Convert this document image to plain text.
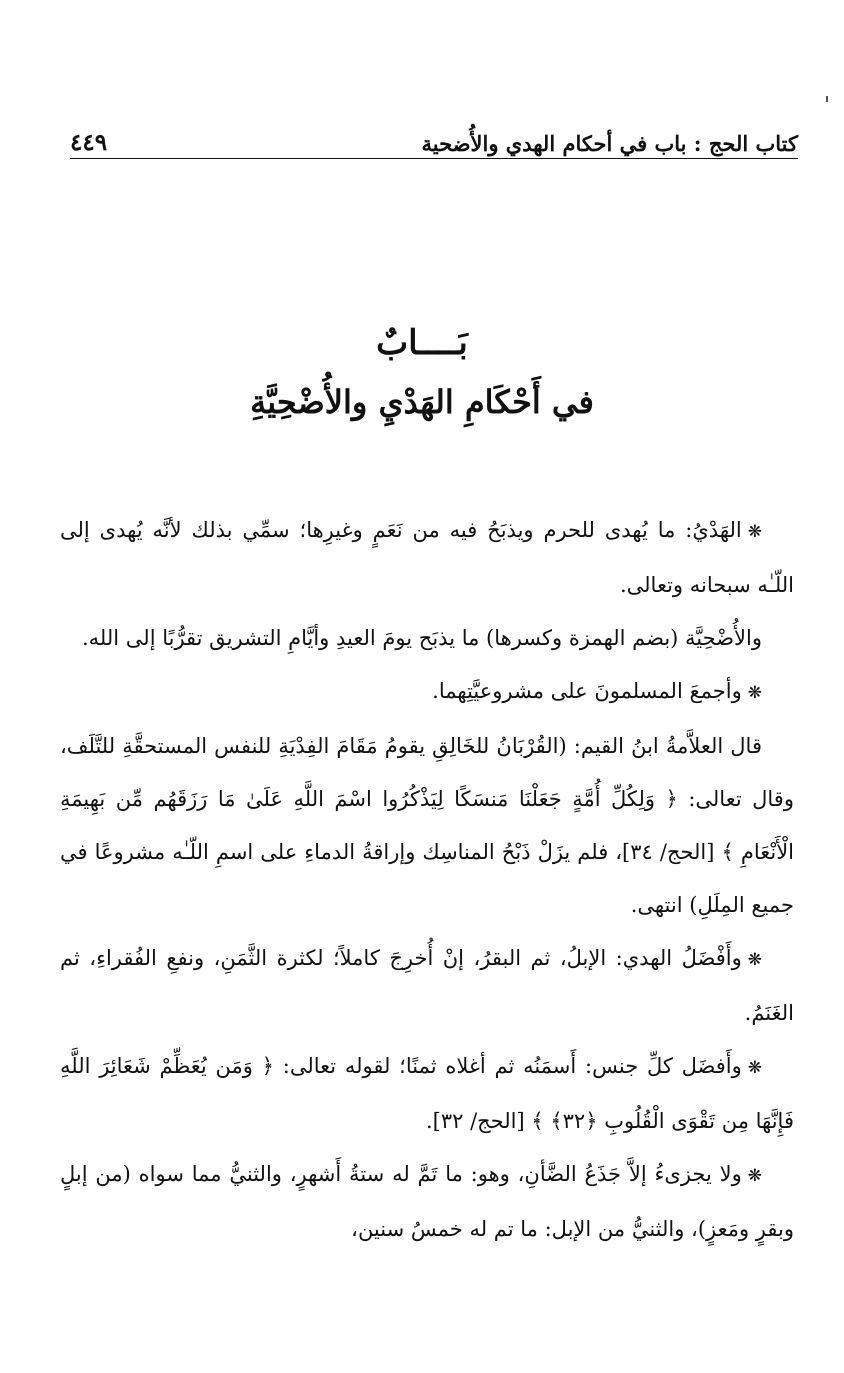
كتاب الحج : باب في أحكام الهدي والأُضحية
٤٤٩
بَــــابٌ
في أَحْكَامِ الهَدْيِ والأُضْحِيَّةِ

❋الهَدْيُ: ما يُهدى للحرم ويذبَحُ فيه من نَعَمٍ وغيرِها؛ سمِّي بذلك لأنَّه يُهدى إلى اللّـٰه سبحانه وتعالى.

والأُضْحِيَّة (بضم الهمزة وكسرها) ما يذبَح يومَ العيدِ وأيَّامِ التشريق تقرُّبًا إلى الله.

❋وأجمعَ المسلمونَ على مشروعيَّتِهما.

قال العلاَّمةُ ابنُ القيم: (القُرْبَانُ للخَالِقِ يقومُ مَقَامَ الفِدْيَةِ للنفس المستحقَّةِ للتَّلَف، وقال تعالى: ﴿ وَلِكُلِّ أُمَّةٍ جَعَلْنَا مَنسَكًا لِيَذْكُرُوا اسْمَ اللَّهِ عَلَىٰ مَا رَزَقَهُم مِّن بَهِيمَةِ الْأَنْعَامِ ﴾ [الحج/ ٣٤]، فلم يزَلْ ذَبْحُ المناسِك وإراقةُ الدماءِ على اسمِ اللّـٰه مشروعًا في جميع المِلَلِ) انتهى.

❋وأَفْضَلُ الهدي: الإبلُ، ثم البقرُ، إنْ أُخرِجَ كاملاً؛ لكثرة الثَّمَنِ، ونفعِ الفُقراءِ، ثم الغَنَمُ.

❋وأَفضَل كلِّ جنس: أَسمَنُه ثم أغلاه ثمنًا؛ لقوله تعالى: ﴿ وَمَن يُعَظِّمْ شَعَائِرَ اللَّهِ فَإِنَّهَا مِن تَقْوَى الْقُلُوبِ ﴿٣٢﴾ ﴾ [الحج/ ٣٢].

❋ولا يجزىءُ إلاَّ جَذَعُ الضَّأنِ، وهو: ما تَمَّ له ستةُ أَشهرٍ، والثنيُّ مما سواه (من إبلٍ وبقرٍ ومَعزٍ)، والثنيُّ من الإبل: ما تم له خمسُ سنين،
